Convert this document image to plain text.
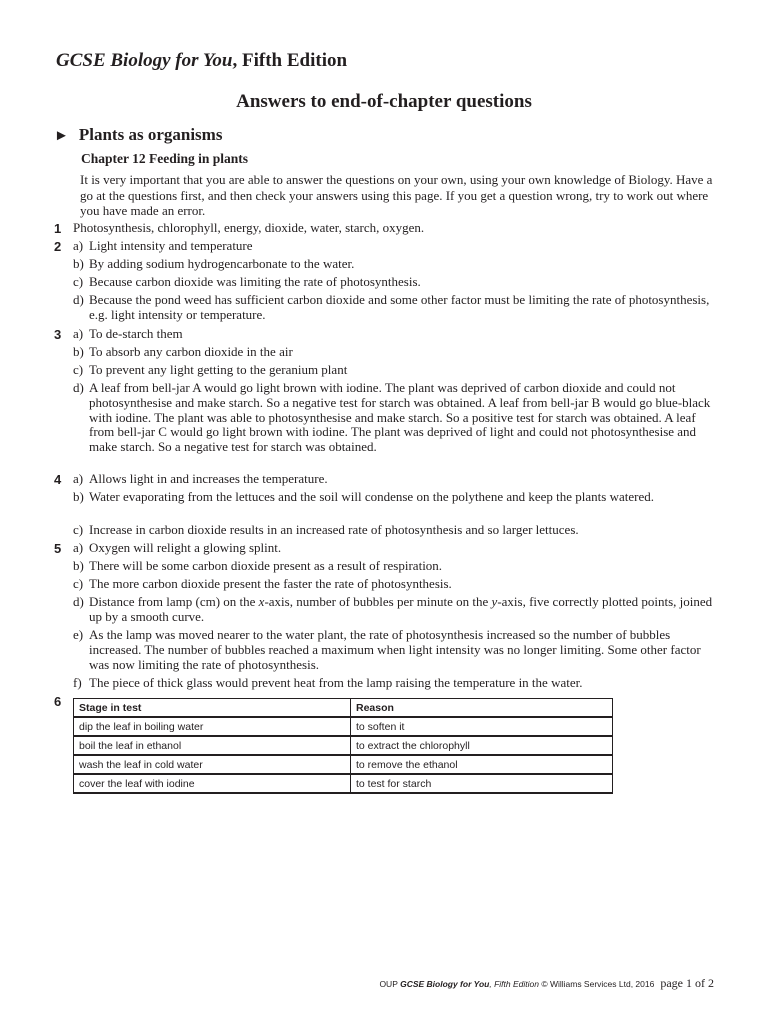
GCSE Biology for You, Fifth Edition
Answers to end-of-chapter questions
► Plants as organisms
Chapter 12 Feeding in plants
It is very important that you are able to answer the questions on your own, using your own knowledge of Biology. Have a go at the questions first, and then check your answers using this page. If you get a question wrong, try to work out where you have made an error.
1 Photosynthesis, chlorophyll, energy, dioxide, water, starch, oxygen.
2 a) Light intensity and temperature
b) By adding sodium hydrogencarbonate to the water.
c) Because carbon dioxide was limiting the rate of photosynthesis.
d) Because the pond weed has sufficient carbon dioxide and some other factor must be limiting the rate of photosynthesis, e.g. light intensity or temperature.
3 a) To de-starch them
b) To absorb any carbon dioxide in the air
c) To prevent any light getting to the geranium plant
d) A leaf from bell-jar A would go light brown with iodine. The plant was deprived of carbon dioxide and could not photosynthesise and make starch. So a negative test for starch was obtained. A leaf from bell-jar B would go blue-black with iodine. The plant was able to photosynthesise and make starch. So a positive test for starch was obtained. A leaf from bell-jar C would go light brown with iodine. The plant was deprived of light and could not photosynthesise and make starch. So a negative test for starch was obtained.
4 a) Allows light in and increases the temperature.
b) Water evaporating from the lettuces and the soil will condense on the polythene and keep the plants watered.
c) Increase in carbon dioxide results in an increased rate of photosynthesis and so larger lettuces.
5 a) Oxygen will relight a glowing splint.
b) There will be some carbon dioxide present as a result of respiration.
c) The more carbon dioxide present the faster the rate of photosynthesis.
d) Distance from lamp (cm) on the x-axis, number of bubbles per minute on the y-axis, five correctly plotted points, joined up by a smooth curve.
e) As the lamp was moved nearer to the water plant, the rate of photosynthesis increased so the number of bubbles increased. The number of bubbles reached a maximum when light intensity was no longer limiting. Some other factor was now limiting the rate of photosynthesis.
f) The piece of thick glass would prevent heat from the lamp raising the temperature in the water.
6 Stage in test	Reason
dip the leaf in boiling water	to soften it
boil the leaf in ethanol	to extract the chlorophyll
wash the leaf in cold water	to remove the ethanol
cover the leaf with iodine	to test for starch
OUP GCSE Biology for You, Fifth Edition © Williams Services Ltd, 2016 page 1 of 2
